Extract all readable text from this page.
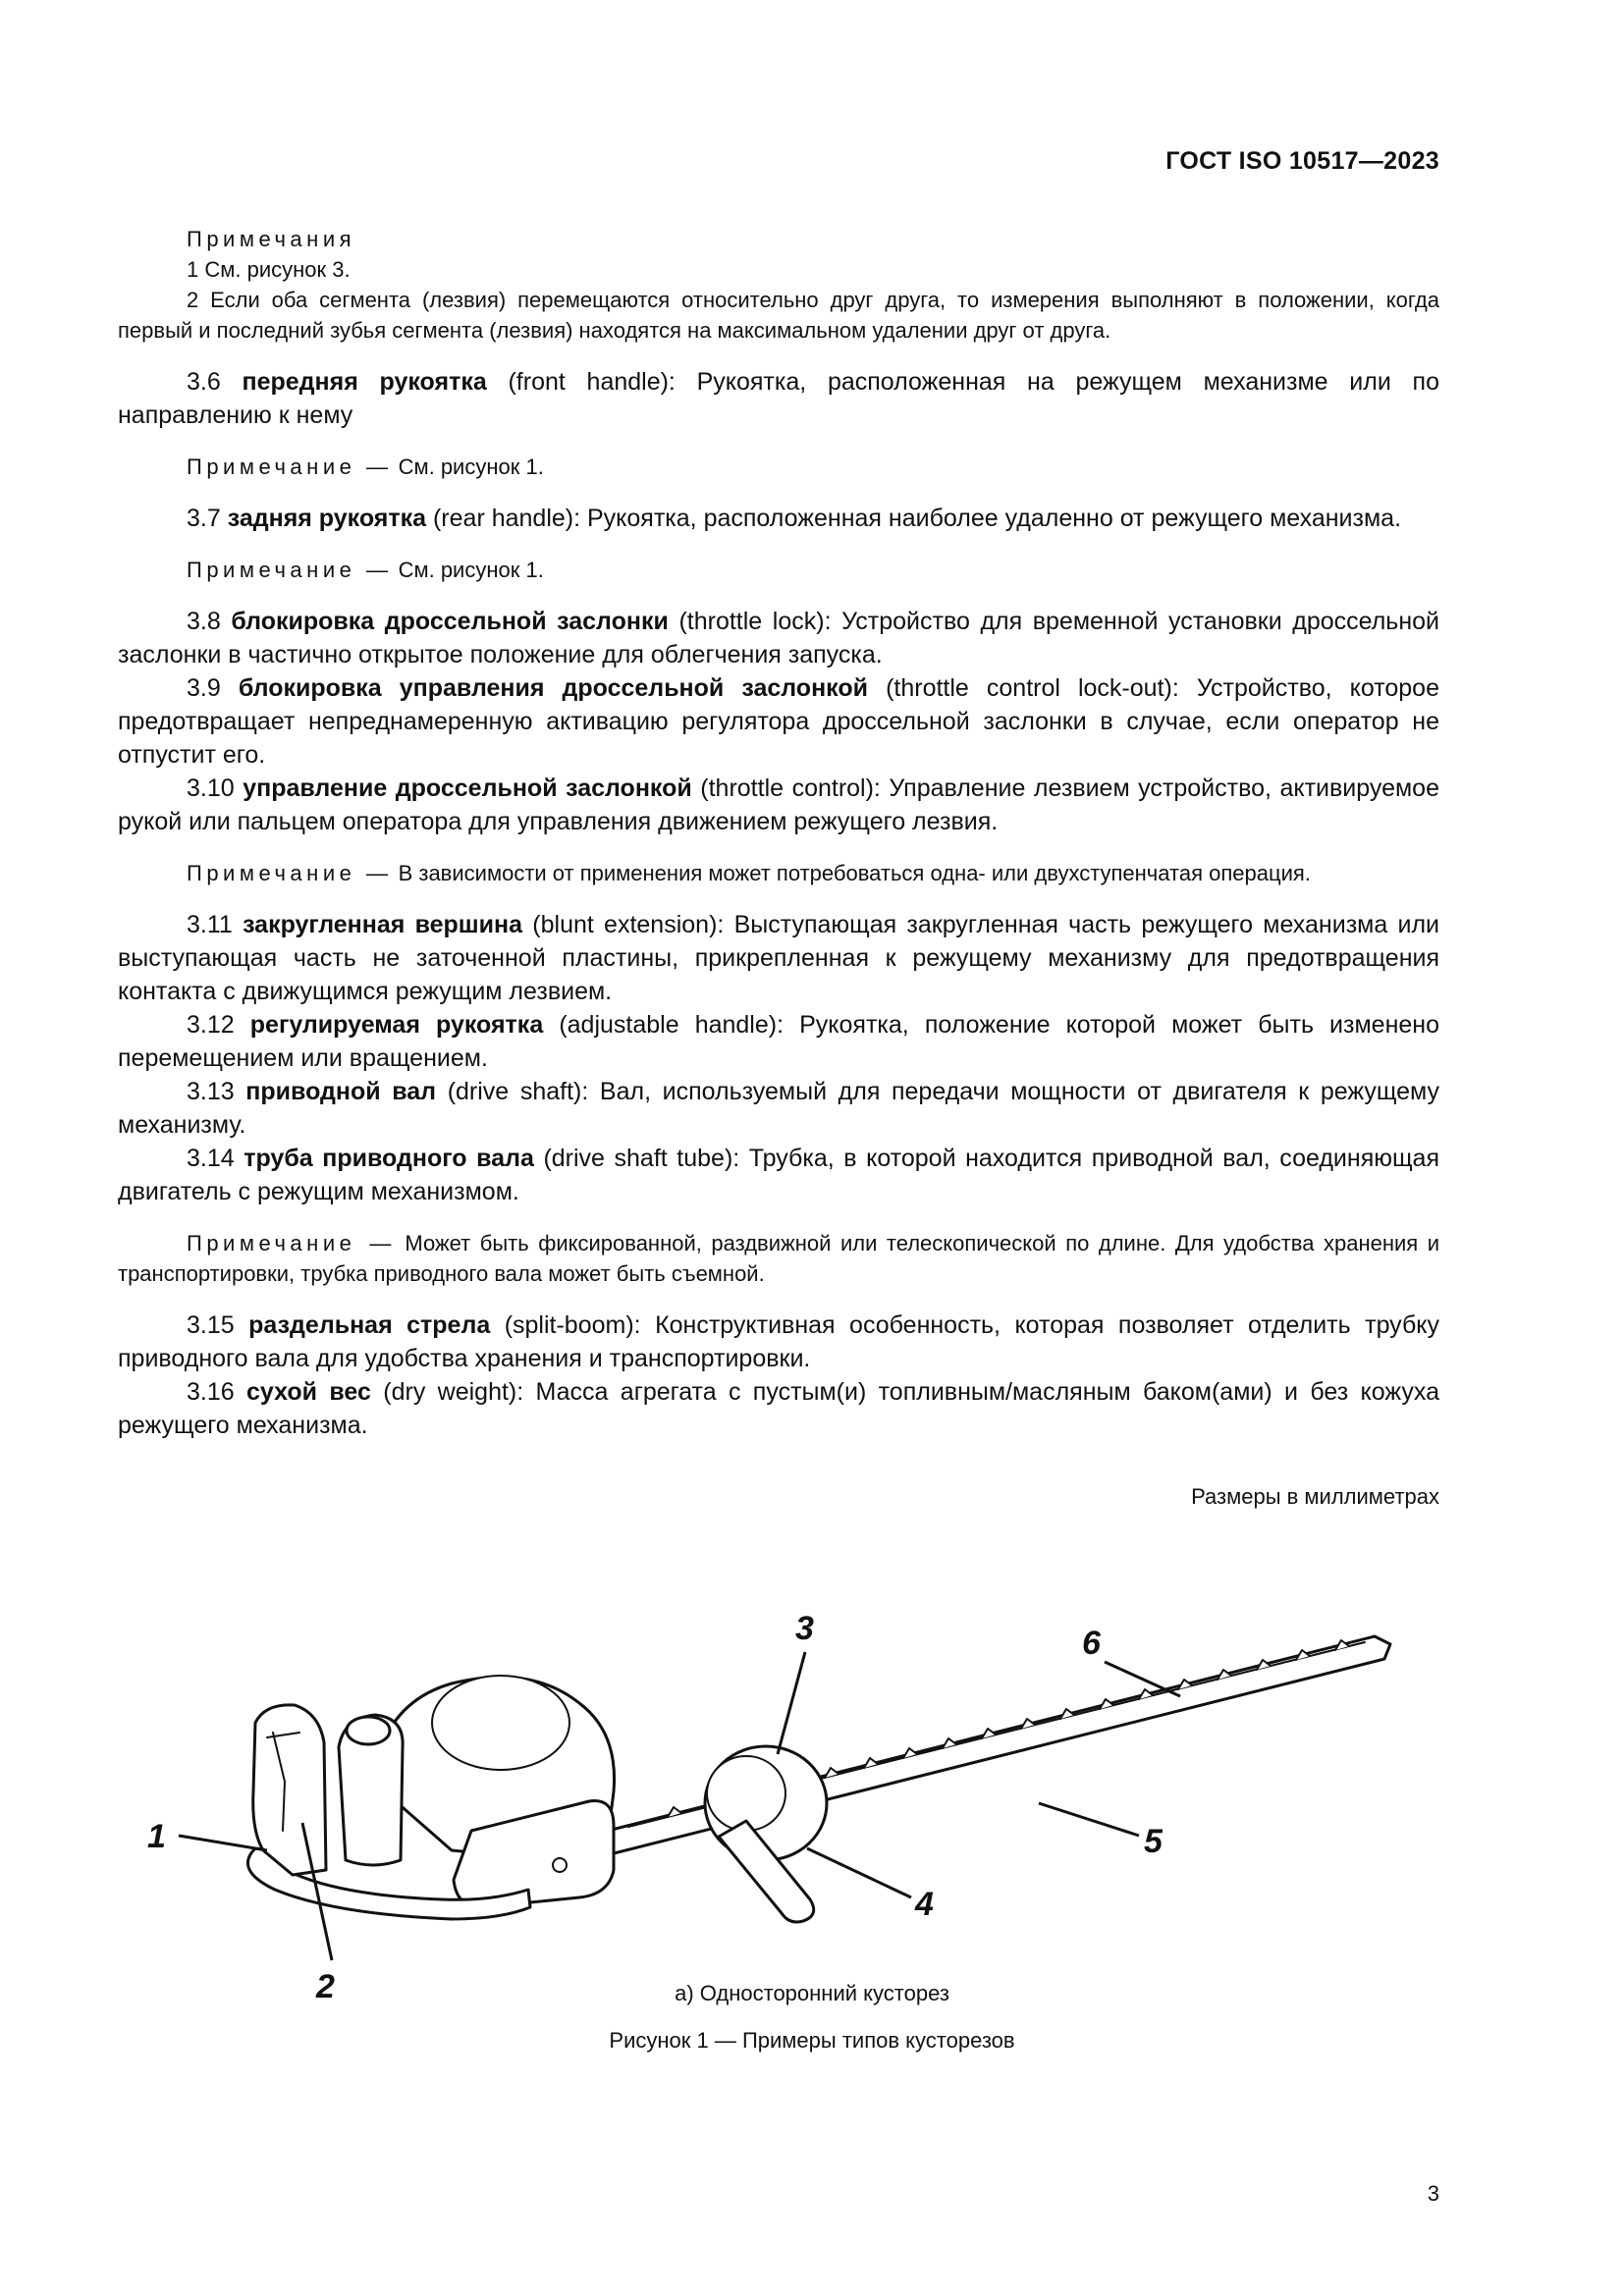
ГОСТ ISO 10517—2023

Примечания

1 См. рисунок 3.

2 Если оба сегмента (лезвия) перемещаются относительно друг друга, то измерения выполняют в положении, когда первый и последний зубья сегмента (лезвия) находятся на максимальном удалении друг от друга.

3.6 передняя рукоятка (front handle): Рукоятка, расположенная на режущем механизме или по направлению к нему

Примечание — См. рисунок 1.

3.7 задняя рукоятка (rear handle): Рукоятка, расположенная наиболее удаленно от режущего механизма.

Примечание — См. рисунок 1.

3.8 блокировка дроссельной заслонки (throttle lock): Устройство для временной установки дроссельной заслонки в частично открытое положение для облегчения запуска.

3.9 блокировка управления дроссельной заслонкой (throttle control lock-out): Устройство, которое предотвращает непреднамеренную активацию регулятора дроссельной заслонки в случае, если оператор не отпустит его.

3.10 управление дроссельной заслонкой (throttle control): Управление лезвием устройство, активируемое рукой или пальцем оператора для управления движением режущего лезвия.

Примечание — В зависимости от применения может потребоваться одна- или двухступенчатая операция.

3.11 закругленная вершина (blunt extension): Выступающая закругленная часть режущего механизма или выступающая часть не заточенной пластины, прикрепленная к режущему механизму для предотвращения контакта с движущимся режущим лезвием.

3.12 регулируемая рукоятка (adjustable handle): Рукоятка, положение которой может быть изменено перемещением или вращением.

3.13 приводной вал (drive shaft): Вал, используемый для передачи мощности от двигателя к режущему механизму.

3.14 труба приводного вала (drive shaft tube): Трубка, в которой находится приводной вал, соединяющая двигатель с режущим механизмом.

Примечание — Может быть фиксированной, раздвижной или телескопической по длине. Для удобства хранения и транспортировки, трубка приводного вала может быть съемной.

3.15 раздельная стрела (split-boom): Конструктивная особенность, которая позволяет отделить трубку приводного вала для удобства хранения и транспортировки.

3.16 сухой вес (dry weight): Масса агрегата с пустым(и) топливным/масляным баком(ами) и без кожуха режущего механизма.

Размеры в миллиметрах
1
2
3
4
5
6
а) Односторонний кусторез
Рисунок 1 — Примеры типов кусторезов
3
